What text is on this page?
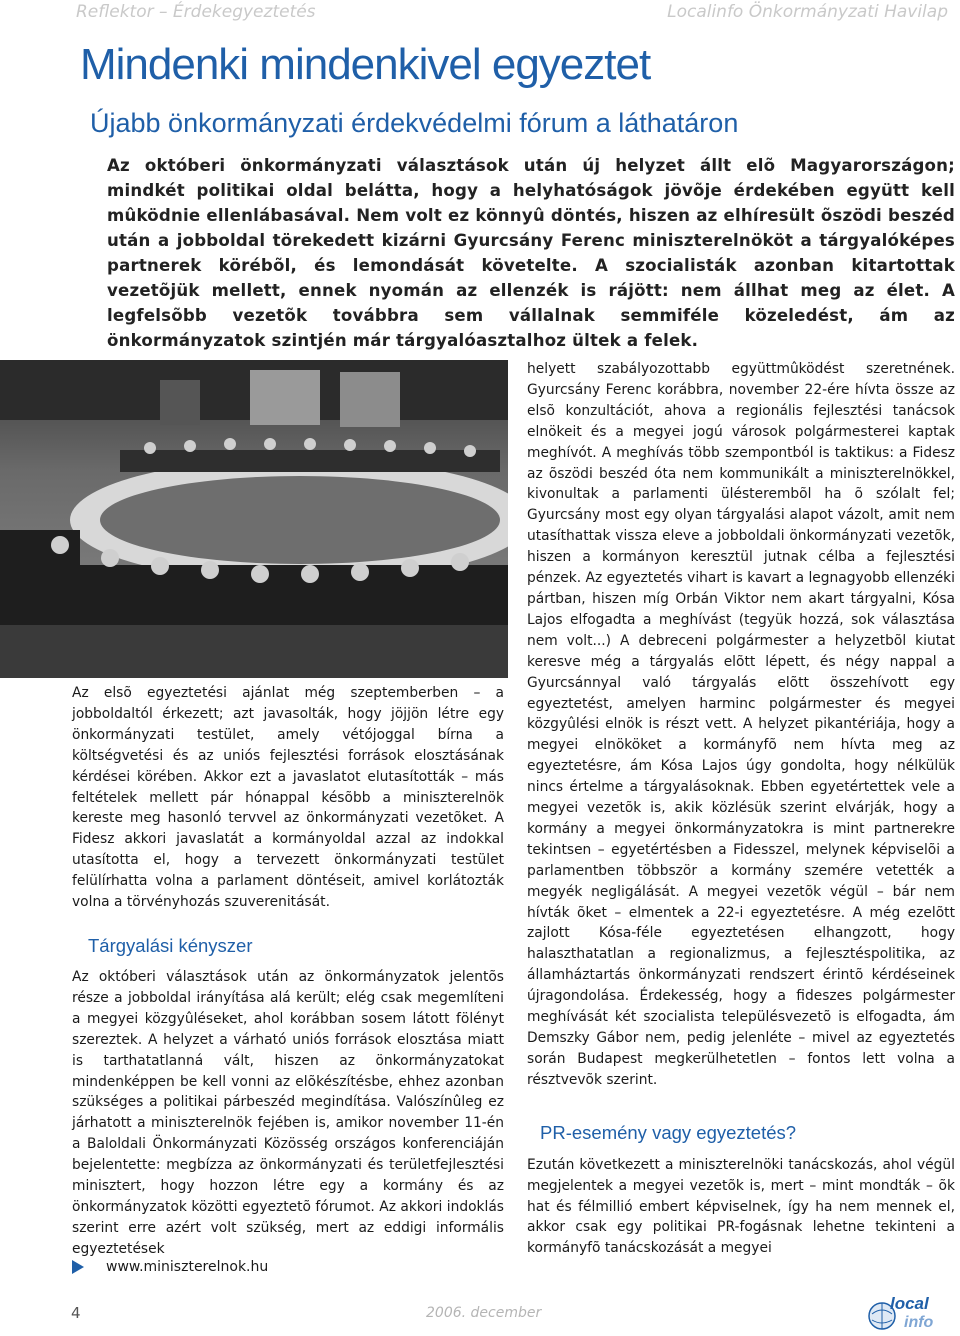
Reflektor – Érdekegyeztetés	Localinfo Önkormányzati Havilap
Mindenki mindenkivel egyeztet
Újabb önkormányzati érdekvédelmi fórum a láthatáron

Az októberi önkormányzati választások után új helyzet állt elõ Magyarországon; mindkét politikai oldal belátta, hogy a helyhatóságok jövõje érdekében együtt kell mûködnie ellenlábasával. Nem volt ez könnyû döntés, hiszen az elhíresült õszödi beszéd után a jobboldal törekedett kizárni Gyurcsány Ferenc miniszterelnököt a tárgyalóképes partnerek körébõl, és lemondását követelte. A szocialisták azonban kitartottak vezetõjük mellett, ennek nyomán az ellenzék is rájött: nem állhat meg az élet. A legfelsõbb vezetõk továbbra sem vállalnak semmiféle közeledést, ám az önkormányzatok szintjén már tárgyalóasztalhoz ültek a felek.

Az elsõ egyeztetési ajánlat még szeptemberben – a jobboldaltól érkezett; azt javasolták, hogy jöjjön létre egy önkormányzati testület, amely vétójoggal bírna a költségvetési és az uniós fejlesztési források elosztásának kérdései körében. Akkor ezt a javaslatot elutasították – más feltételek mellett pár hónappal késõbb a miniszterelnök kereste meg hasonló tervvel az önkormányzati vezetõket. A Fidesz akkori javaslatát a kormányoldal azzal az indokkal utasította el, hogy a tervezett önkormányzati testület felülírhatta volna a parlament döntéseit, amivel korlátozták volna a törvényhozás szuverenitását.

Tárgyalási kényszer

Az októberi választások után az önkormányzatok jelentõs része a jobboldal irányítása alá került; elég csak megemlíteni a megyei közgyûléseket, ahol korábban sosem látott fölényt szereztek. A helyzet a várható uniós források elosztása miatt is tarthatatlanná vált, hiszen az önkormányzatokat mindenképpen be kell vonni az elõkészítésbe, ehhez azonban szükséges a politikai párbeszéd megindítása. Valószínûleg ez járhatott a miniszterelnök fejében is, amikor november 11-én a Baloldali Önkormányzati Közösség országos konferenciáján bejelentette: megbízza az önkormányzati és területfejlesztési minisztert, hogy hozzon létre egy a kormány és az önkormányzatok közötti egyeztetõ fórumot. Az akkori indoklás szerint erre azért volt szükség, mert az eddigi informális egyeztetések

helyett szabályozottabb együttmûködést szeretnének. Gyurcsány Ferenc korábbra, november 22-ére hívta össze az elsõ konzultációt, ahova a regionális fejlesztési tanácsok elnökeit és a megyei jogú városok polgármesterei kaptak meghívót. A meghívás több szempontból is taktikus: a Fidesz az õszödi beszéd óta nem kommunikált a miniszterelnökkel, kivonultak a parlamenti ülésterembõl ha õ szólalt fel; Gyurcsány most egy olyan tárgyalási alapot vázolt, amit nem utasíthattak vissza eleve a jobboldali önkormányzati vezetõk, hiszen a kormányon keresztül jutnak célba a fejlesztési pénzek. Az egyeztetés vihart is kavart a legnagyobb ellenzéki pártban, hiszen míg Orbán Viktor nem akart tárgyalni, Kósa Lajos elfogadta a meghívást (tegyük hozzá, sok választása nem volt...) A debreceni polgármester a helyzetbõl kiutat keresve még a tárgyalás elõtt lépett, és négy nappal a Gyurcsánnyal való tárgyalás elõtt összehívott egy egyeztetést, amelyen harminc polgármester és megyei közgyûlési elnök is részt vett. A helyzet pikantériája, hogy a megyei elnököket a kormányfõ nem hívta meg az egyeztetésre, ám Kósa Lajos úgy gondolta, hogy nélkülük nincs értelme a tárgyalásoknak. Ebben egyetértettek vele a megyei vezetõk is, akik közlésük szerint elvárják, hogy a kormány a megyei önkormányzatokra is mint partnerekre tekintsen – egyetértésben a Fidesszel, melynek képviselõi a parlamentben többször a kormány szemére vetették a megyék negligálását. A megyei vezetõk végül – bár nem hívták õket – elmentek a 22-i egyeztetésre. A még ezelõtt zajlott Kósa-féle egyeztetésen elhangzott, hogy halaszthatatlan a regionalizmus, a fejlesztéspolitika, az államháztartás önkormányzati rendszert érintõ kérdéseinek újragondolása. Érdekesség, hogy a fideszes polgármester meghívását két szocialista településvezetõ is elfogadta, ám Demszky Gábor nem, pedig jelenléte – mivel az egyeztetés során Budapest megkerülhetetlen – fontos lett volna a résztvevõk szerint.

PR-esemény vagy egyeztetés?

Ezután következett a miniszterelnöki tanácskozás, ahol végül megjelentek a megyei vezetõk is, mert – mint mondták – õk hat és félmillió embert képviselnek, így ha nem mennek el, akkor csak egy politikai PR-fogásnak lehetne tekinteni a kormányfõ tanácskozását a megyei

www.miniszterelnok.hu
4	2006. december	local
info
